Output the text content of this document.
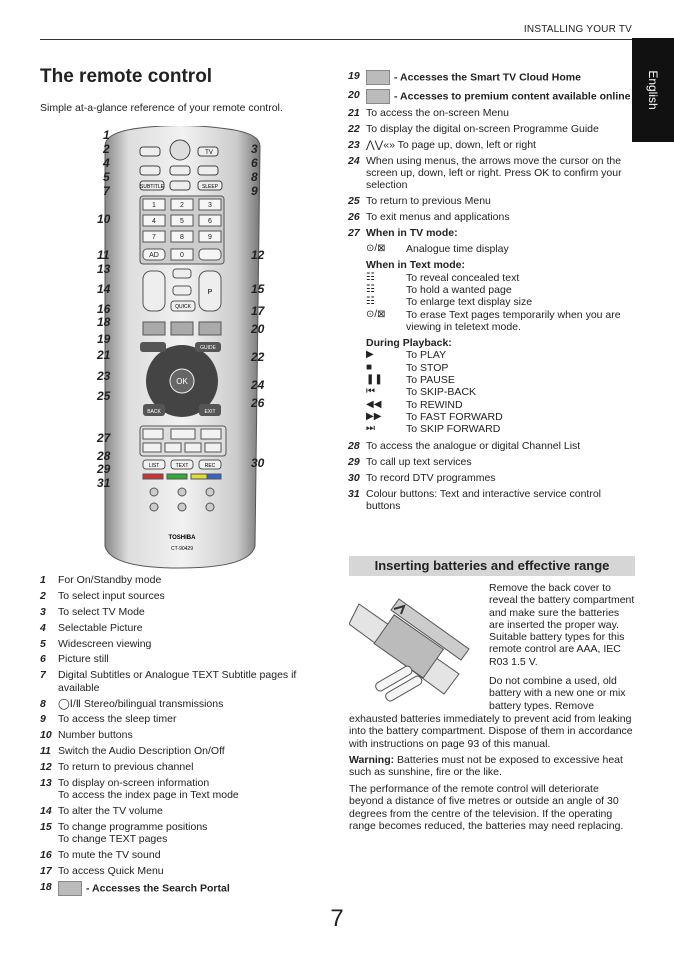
INSTALLING YOUR TV
English
The remote control

Simple at-a-glance reference of your remote control.

TV
SUBTITLE	SLEEP
1	2	3
4	5	6
7	8	9
AD	0
P
QUICK
OK
GUIDE
BACK	EXIT
LIST	TEXT	REC
TOSHIBA
CT-90429
1
2	3
4
5
6
7
8
9
10
11	12
13
14	15
16	17
18
19
20
21	22
23
24
25	26
27
28
29	30
31
1	For On/Standby mode
2	To select input sources
3	To select TV Mode
4	Selectable Picture
5	Widescreen viewing
6	Picture still
7	Digital Subtitles or Analogue TEXT Subtitle pages if available
8	◯Ⅰ/Ⅱ Stereo/bilingual transmissions
9	To access the sleep timer
10 Number buttons
11 Switch the Audio Description On/Off
12 To return to previous channel
13 To display on-screen information
To access the index page in Text mode
14 To alter the TV volume
15 To change programme positions
To change TEXT pages
16 To mute the TV sound
17 To access Quick Menu
18	- Accesses the Search Portal
19	- Accesses the Smart TV Cloud Home
20	- Accesses to premium content available online
21 To access the on-screen Menu
22 To display the digital on-screen Programme Guide
23 ⋀⋁«» To page up, down, left or right
24 When using menus, the arrows move the cursor on the screen up, down, left or right. Press OK to confirm your selection
25 To return to previous Menu
26 To exit menus and applications
27 When in TV mode:
⊙/⊠	Analogue time display
When in Text mode:
☷	To reveal concealed text
☷	To hold a wanted page
☷	To enlarge text display size
⊙/⊠	To erase Text pages temporarily when you are viewing in teletext mode.
During Playback:
▶	To PLAY
■	To STOP
❚❚	To PAUSE
⏮	To SKIP-BACK
◀◀	To REWIND
▶▶	To FAST FORWARD
⏭	To SKIP FORWARD
28 To access the analogue or digital Channel List
29 To call up text services
30 To record DTV programmes
31 Colour buttons: Text and interactive service control buttons
Inserting batteries and effective range

Remove the back cover to reveal the battery compartment and make sure the batteries are inserted the proper way. Suitable battery types for this remote control are AAA, IEC R03 1.5 V.

Do not combine a used, old battery with a new one or mix battery types. Remove

exhausted batteries immediately to prevent acid from leaking into the battery compartment. Dispose of them in accordance with instructions on page 93 of this manual.

Warning: Batteries must not be exposed to excessive heat such as sunshine, fire or the like.

The performance of the remote control will deteriorate beyond a distance of five metres or outside an angle of 30 degrees from the centre of the television. If the operating range becomes reduced, the batteries may need replacing.

7
